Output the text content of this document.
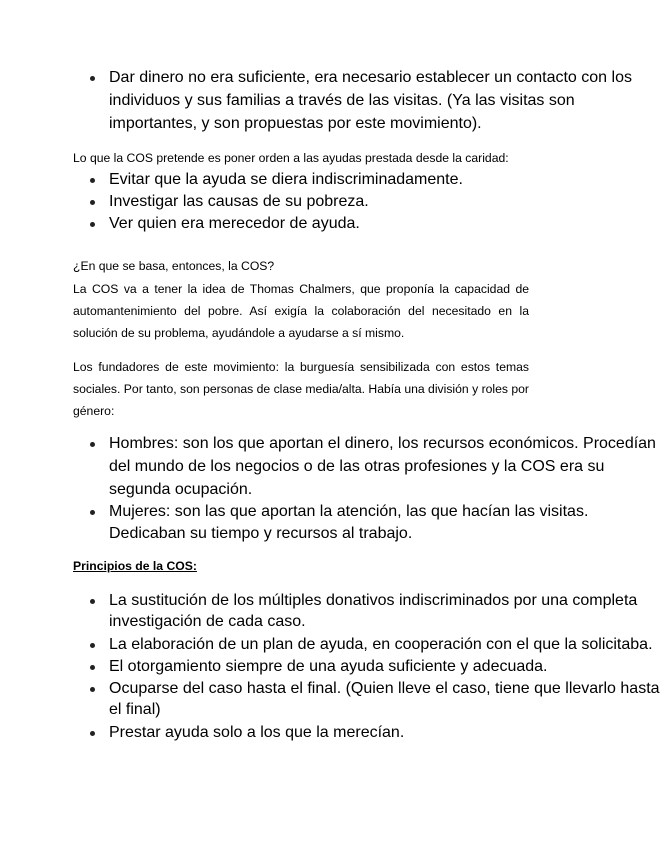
Dar dinero no era suficiente, era necesario establecer un contacto con los
individuos y sus familias a través de las visitas. (Ya las visitas son
importantes, y son propuestas por este movimiento).
Lo que la COS pretende es poner orden a las ayudas prestada desde la caridad:
Evitar que la ayuda se diera indiscriminadamente.
Investigar las causas de su pobreza.
Ver quien era merecedor de ayuda.
¿En que se basa, entonces, la COS?
La COS va a tener la idea de Thomas Chalmers, que proponía la capacidad de
automantenimiento del pobre. Así exigía la colaboración del necesitado en la
solución de su problema, ayudándole a ayudarse a sí mismo.
Los fundadores de este movimiento: la burguesía sensibilizada con estos temas
sociales. Por tanto, son personas de clase media/alta. Había una división y roles por
género:
Hombres: son los que aportan el dinero, los recursos económicos. Procedían
del mundo de los negocios o de las otras profesiones y la COS era su
segunda ocupación.
Mujeres: son las que aportan la atención, las que hacían las visitas.
Dedicaban su tiempo y recursos al trabajo.
Principios de la COS:
La sustitución de los múltiples donativos indiscriminados por una completa
investigación de cada caso.
La elaboración de un plan de ayuda, en cooperación con el que la solicitaba.
El otorgamiento siempre de una ayuda suficiente y adecuada.
Ocuparse del caso hasta el final. (Quien lleve el caso, tiene que llevarlo hasta
el final)
Prestar ayuda solo a los que la merecían.
